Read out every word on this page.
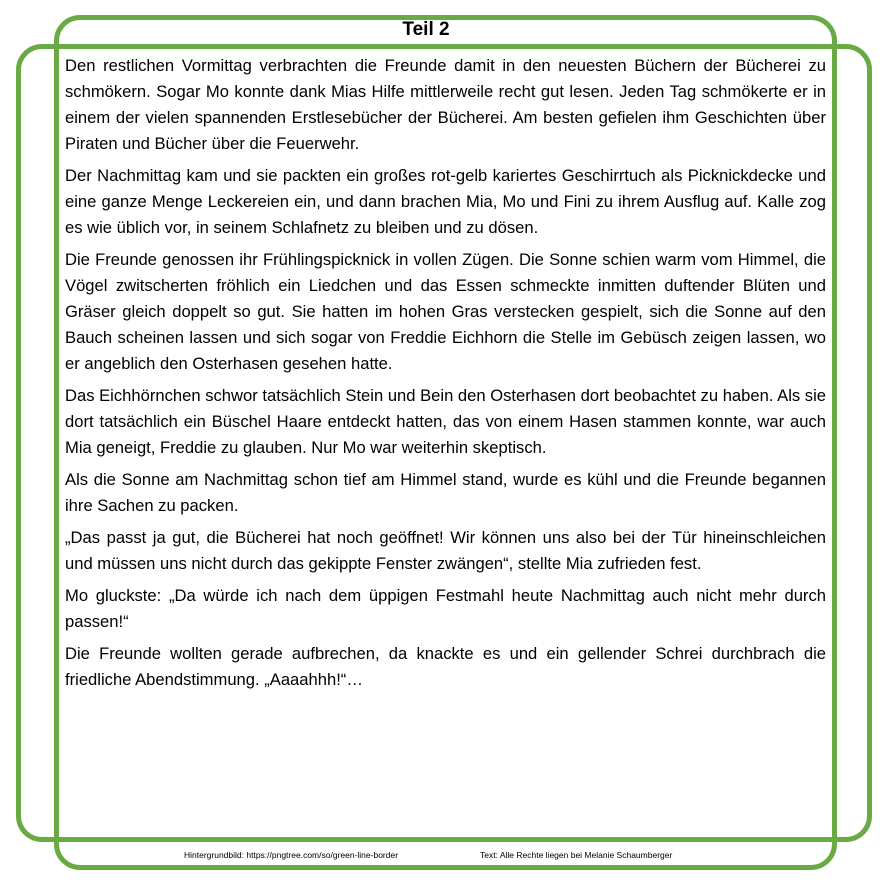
Teil 2

Den restlichen Vormittag verbrachten die Freunde damit in den neuesten Büchern der Bücherei zu schmökern. Sogar Mo konnte dank Mias Hilfe mittlerweile recht gut lesen. Jeden Tag schmökerte er in einem der vielen spannenden Erstlesebücher der Bücherei. Am besten gefielen ihm Geschichten über Piraten und Bücher über die Feuerwehr.

Der Nachmittag kam und sie packten ein großes rot-gelb kariertes Geschirrtuch als Picknickdecke und eine ganze Menge Leckereien ein, und dann brachen Mia, Mo und Fini zu ihrem Ausflug auf. Kalle zog es wie üblich vor, in seinem Schlafnetz zu bleiben und zu dösen.

Die Freunde genossen ihr Frühlingspicknick in vollen Zügen. Die Sonne schien warm vom Himmel, die Vögel zwitscherten fröhlich ein Liedchen und das Essen schmeckte inmitten duftender Blüten und Gräser gleich doppelt so gut. Sie hatten im hohen Gras verstecken gespielt, sich die Sonne auf den Bauch scheinen lassen und sich sogar von Freddie Eichhorn die Stelle im Gebüsch zeigen lassen, wo er angeblich den Osterhasen gesehen hatte.

Das Eichhörnchen schwor tatsächlich Stein und Bein den Osterhasen dort beobachtet zu haben. Als sie dort tatsächlich ein Büschel Haare entdeckt hatten, das von einem Hasen stammen konnte, war auch Mia geneigt, Freddie zu glauben. Nur Mo war weiterhin skeptisch.

Als die Sonne am Nachmittag schon tief am Himmel stand, wurde es kühl und die Freunde begannen ihre Sachen zu packen.

„Das passt ja gut, die Bücherei hat noch geöffnet! Wir können uns also bei der Tür hineinschleichen und müssen uns nicht durch das gekippte Fenster zwängen“, stellte Mia zufrieden fest.

Mo gluckste: „Da würde ich nach dem üppigen Festmahl heute Nachmittag auch nicht mehr durch passen!“

Die Freunde wollten gerade aufbrechen, da knackte es und ein gellender Schrei durchbrach die friedliche Abendstimmung. „Aaaahhh!“…

Hintergrundbild: https://pngtree.com/so/green-line-border	Text: Alle Rechte liegen bei Melanie Schaumberger
